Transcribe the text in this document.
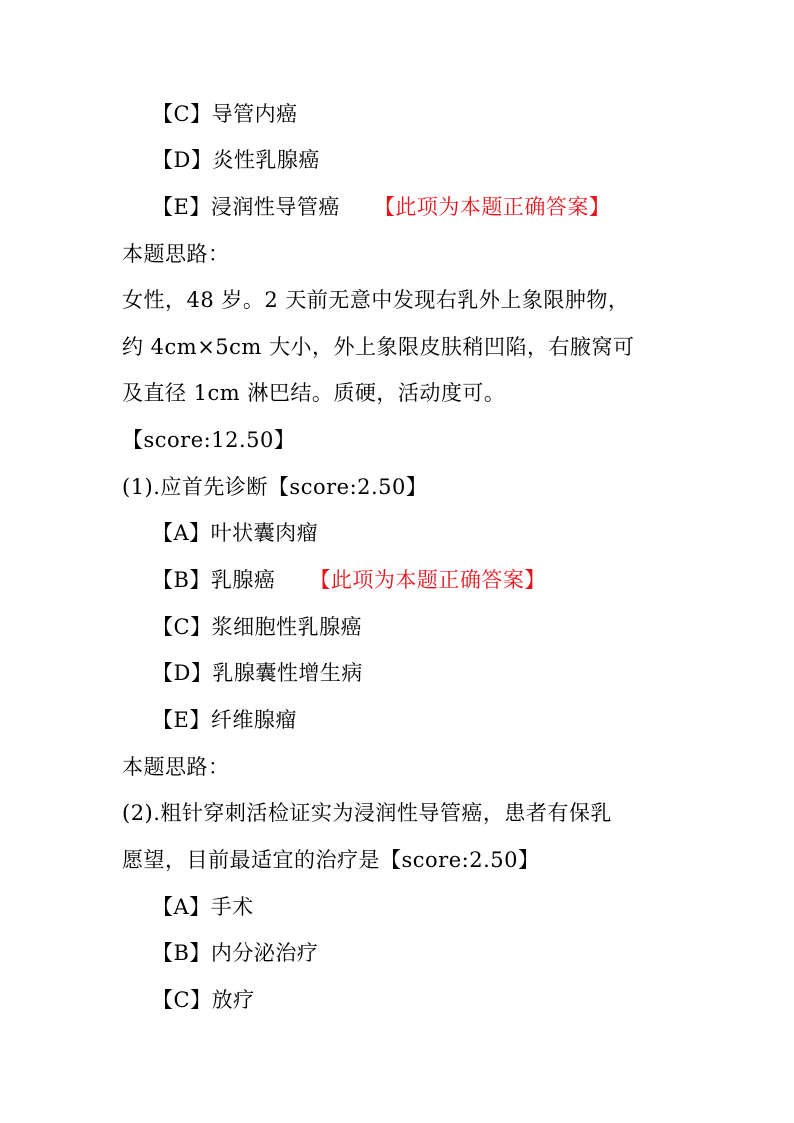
【C】导管内癌
【D】炎性乳腺癌
【E】浸润性导管癌 【此项为本题正确答案】
本题思路：
女性，48 岁。2 天前无意中发现右乳外上象限肿物，
约 4cm×5cm 大小，外上象限皮肤稍凹陷，右腋窝可
及直径 1cm 淋巴结。质硬，活动度可。
【score:12.50】
(1).应首先诊断【score:2.50】
【A】叶状囊肉瘤
【B】乳腺癌 【此项为本题正确答案】
【C】浆细胞性乳腺癌
【D】乳腺囊性增生病
【E】纤维腺瘤
本题思路：
(2).粗针穿刺活检证实为浸润性导管癌，患者有保乳
愿望，目前最适宜的治疗是【score:2.50】
【A】手术
【B】内分泌治疗
【C】放疗
